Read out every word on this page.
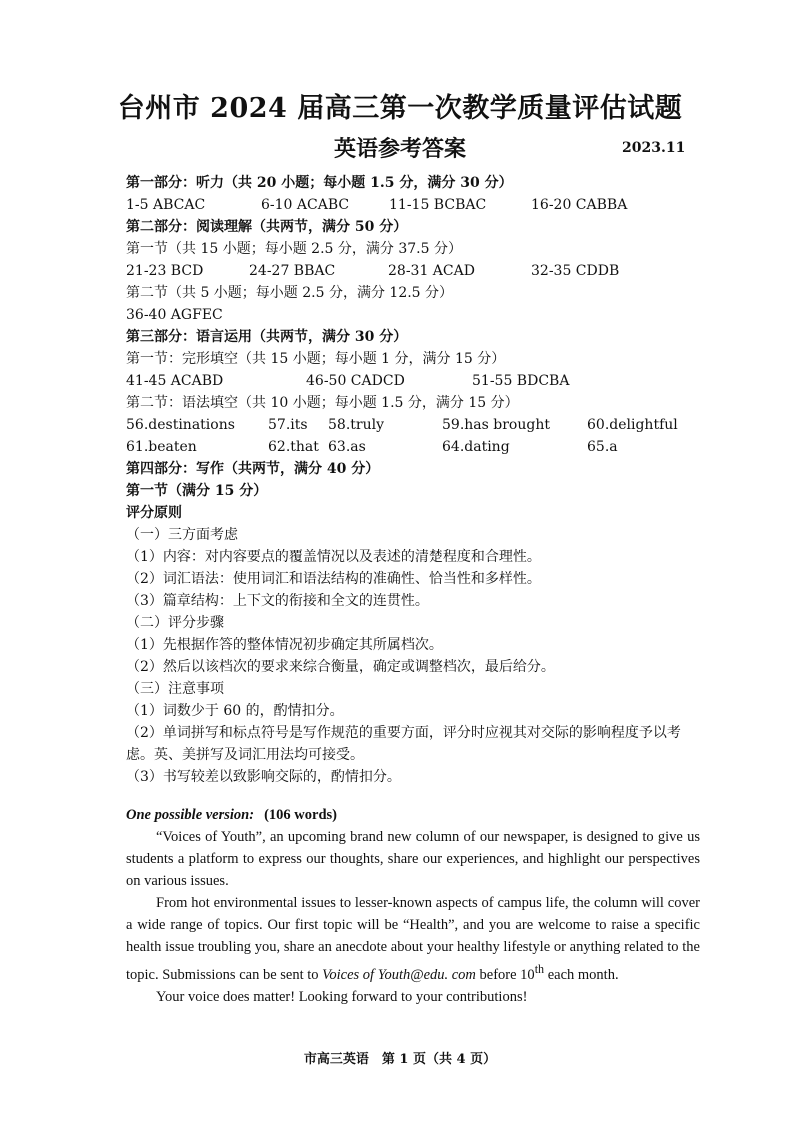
台州市 2024 届高三第一次教学质量评估试题
英语参考答案	2023.11
第一部分：听力（共 20 小题；每小题 1.5 分，满分 30 分）
1-5 ABCAC	6-10 ACABC	11-15 BCBAC	16-20 CABBA
第二部分：阅读理解（共两节，满分 50 分）
第一节（共 15 小题；每小题 2.5 分，满分 37.5 分）
21-23 BCD	24-27 BBAC	28-31 ACAD	32-35 CDDB
第二节（共 5 小题；每小题 2.5 分，满分 12.5 分）
36-40 AGFEC
第三部分：语言运用（共两节，满分 30 分）
第一节：完形填空（共 15 小题；每小题 1 分，满分 15 分）
41-45 ACABD	46-50 CADCD	51-55 BDCBA
第二节：语法填空（共 10 小题；每小题 1.5 分，满分 15 分）
56.destinations 57.its 58.truly	59.has brought	60.delightful
61.beaten	62.that 63.as	64.dating	65.a
第四部分：写作（共两节，满分 40 分）
第一节（满分 15 分）
评分原则
（一）三方面考虑
（1）内容：对内容要点的覆盖情况以及表述的清楚程度和合理性。
（2）词汇语法：使用词汇和语法结构的准确性、恰当性和多样性。
（3）篇章结构：上下文的衔接和全文的连贯性。
（二）评分步骤
（1）先根据作答的整体情况初步确定其所属档次。
（2）然后以该档次的要求来综合衡量，确定或调整档次，最后给分。
（三）注意事项
（1）词数少于 60 的，酌情扣分。
（2）单词拼写和标点符号是写作规范的重要方面，评分时应视其对交际的影响程度予以考虑。英、美拼写及词汇用法均可接受。
（3）书写较差以致影响交际的，酌情扣分。
One possible version: (106 words)

“Voices of Youth”, an upcoming brand new column of our newspaper, is designed to give us students a platform to express our thoughts, share our experiences, and highlight our perspectives on various issues.

From hot environmental issues to lesser-known aspects of campus life, the column will cover a wide range of topics. Our first topic will be “Health”, and you are welcome to raise a specific health issue troubling you, share an anecdote about your healthy lifestyle or anything related to the topic. Submissions can be sent to Voices of Youth@edu. com before 10th each month.

Your voice does matter! Looking forward to your contributions!

市高三英语　第 1 页（共 4 页）
